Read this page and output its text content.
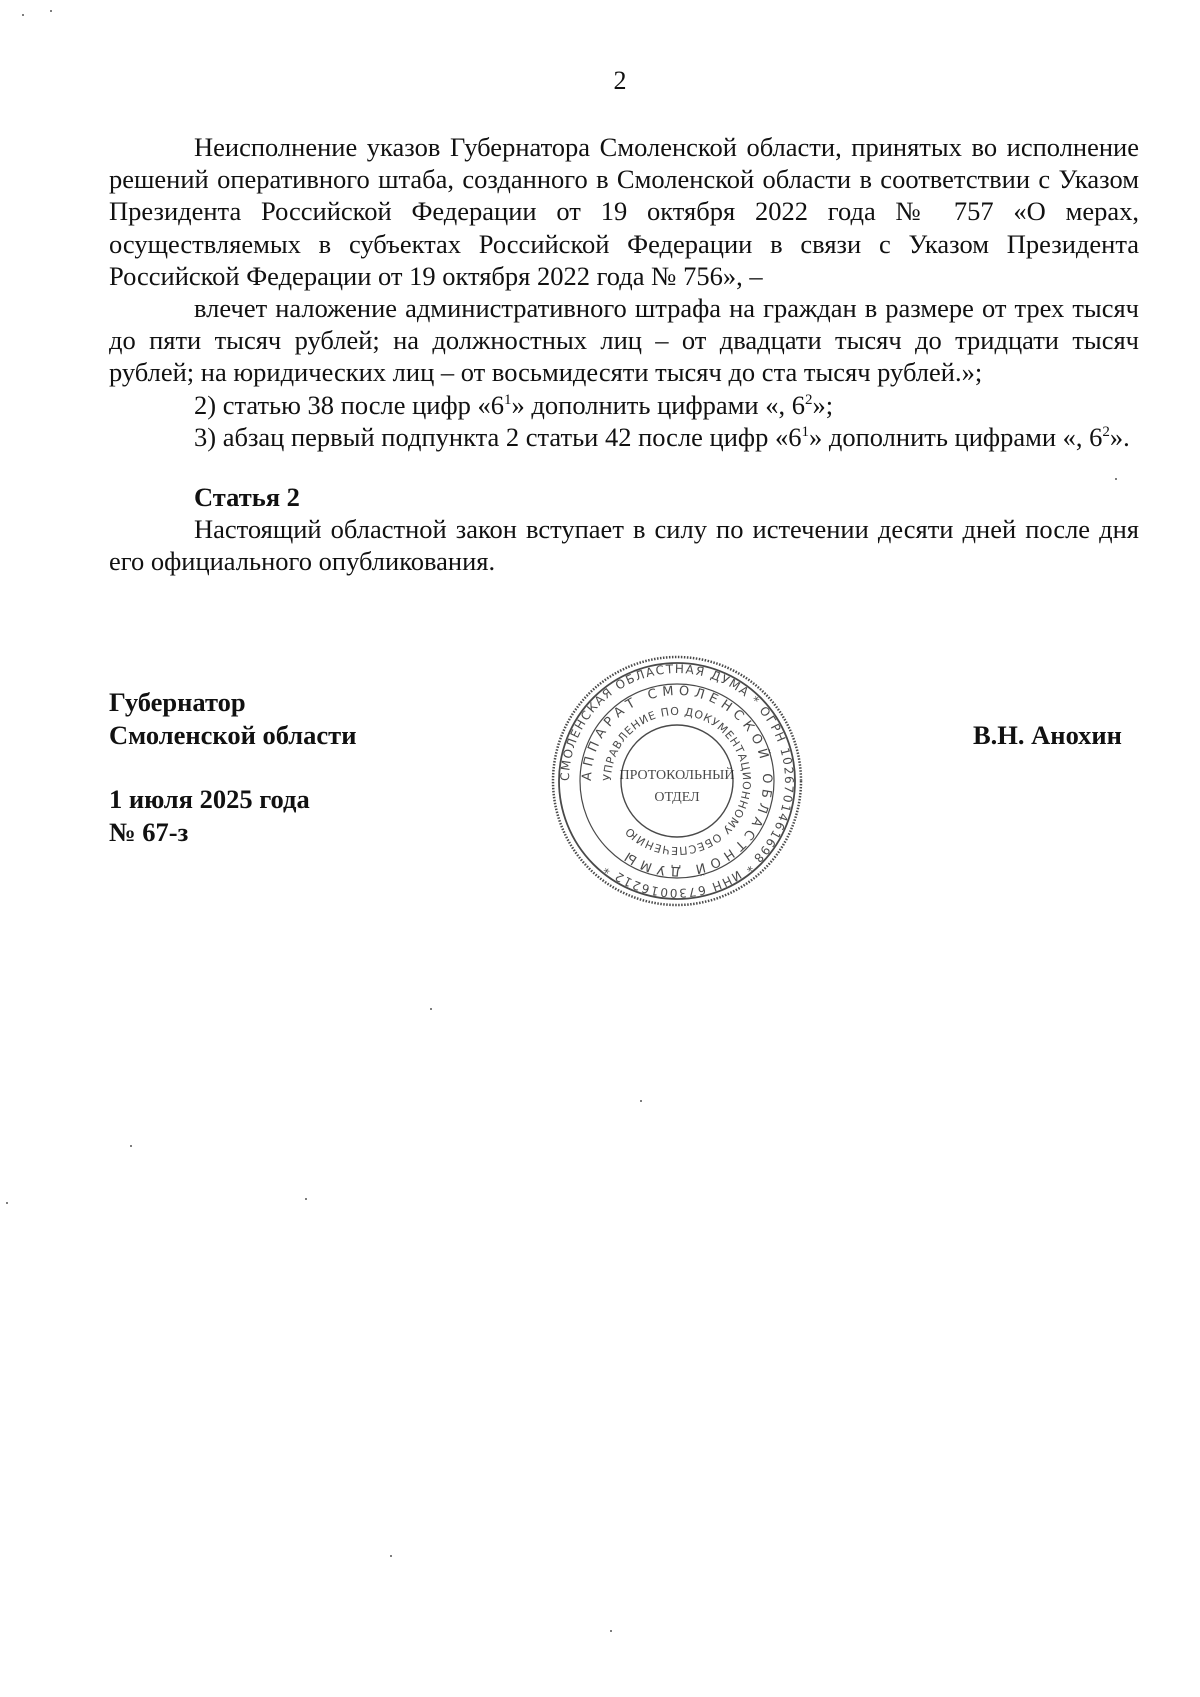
2

Неисполнение указов Губернатора Смоленской области, принятых во исполнение решений оперативного штаба, созданного в Смоленской области в соответствии с Указом Президента Российской Федерации от 19 октября 2022 года № 757 «О мерах, осуществляемых в субъектах Российской Федерации в связи с Указом Президента Российской Федерации от 19 октября 2022 года № 756», –

влечет наложение административного штрафа на граждан в размере от трех тысяч до пяти тысяч рублей; на должностных лиц – от двадцати тысяч до тридцати тысяч рублей; на юридических лиц – от восьмидесяти тысяч до ста тысяч рублей.»;

2) статью 38 после цифр «$6^1$» дополнить цифрами «, $6^2$»;

3) абзац первый подпункта 2 статьи 42 после цифр «$6^1$» дополнить цифрами «, $6^2$».

Статья 2

Настоящий областной закон вступает в силу по истечении десяти дней после дня его официального опубликования.

Губернатор
Смоленской области
1 июля 2025 года
№ 67-з
В.Н. Анохин
СМОЛЕНСКАЯ ОБЛАСТНАЯ ДУМА * ОГРН 1026701461698 * ИНН 6730016212 *
АППАРАТ СМОЛЕНСКОЙ ОБЛАСТНОЙ ДУМЫ
УПРАВЛЕНИЕ ПО ДОКУМЕНТАЦИОННОМУ ОБЕСПЕЧЕНИЮ
ПРОТОКОЛЬНЫЙ
ОТДЕЛ
